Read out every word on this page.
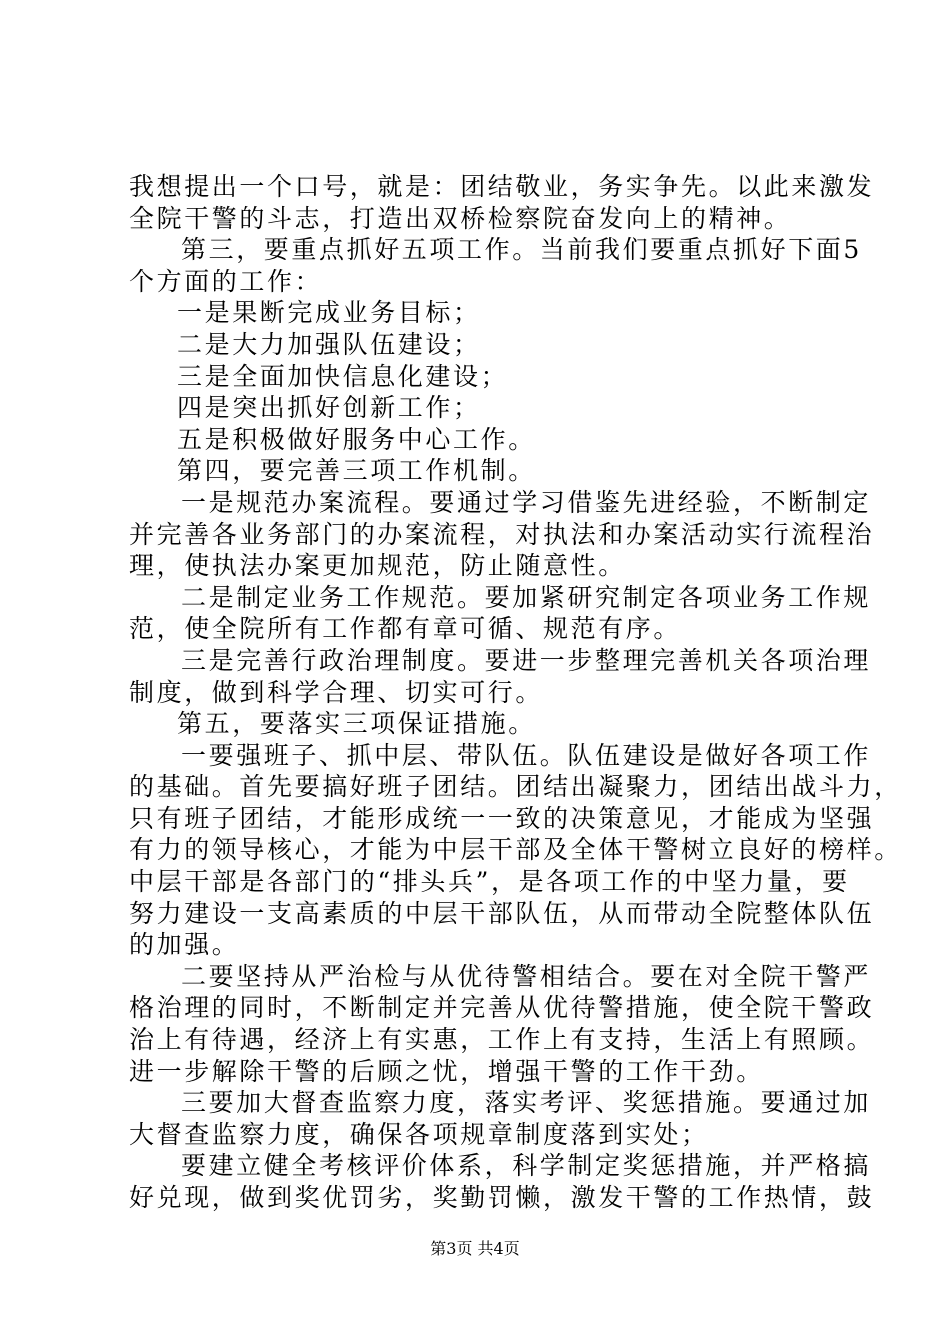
我想提出一个口号，就是：团结敬业，务实争先。以此来激发
全院干警的斗志，打造出双桥检察院奋发向上的精神。
第三，要重点抓好五项工作。当前我们要重点抓好下面5
个方面的工作：
一是果断完成业务目标；
二是大力加强队伍建设；
三是全面加快信息化建设；
四是突出抓好创新工作；
五是积极做好服务中心工作。
第四，要完善三项工作机制。
一是规范办案流程。要通过学习借鉴先进经验，不断制定
并完善各业务部门的办案流程，对执法和办案活动实行流程治
理，使执法办案更加规范，防止随意性。
二是制定业务工作规范。要加紧研究制定各项业务工作规
范，使全院所有工作都有章可循、规范有序。
三是完善行政治理制度。要进一步整理完善机关各项治理
制度，做到科学合理、切实可行。
第五，要落实三项保证措施。
一要强班子、抓中层、带队伍。队伍建设是做好各项工作
的基础。首先要搞好班子团结。团结出凝聚力，团结出战斗力，
只有班子团结，才能形成统一一致的决策意见，才能成为坚强
有力的领导核心，才能为中层干部及全体干警树立良好的榜样。
中层干部是各部门的“排头兵”，是各项工作的中坚力量，要
努力建设一支高素质的中层干部队伍，从而带动全院整体队伍
的加强。
二要坚持从严治检与从优待警相结合。要在对全院干警严
格治理的同时，不断制定并完善从优待警措施，使全院干警政
治上有待遇，经济上有实惠，工作上有支持，生活上有照顾。
进一步解除干警的后顾之忧，增强干警的工作干劲。
三要加大督查监察力度，落实考评、奖惩措施。要通过加
大督查监察力度，确保各项规章制度落到实处；
要建立健全考核评价体系，科学制定奖惩措施，并严格搞
好兑现，做到奖优罚劣，奖勤罚懒，激发干警的工作热情，鼓
第3页 共4页
